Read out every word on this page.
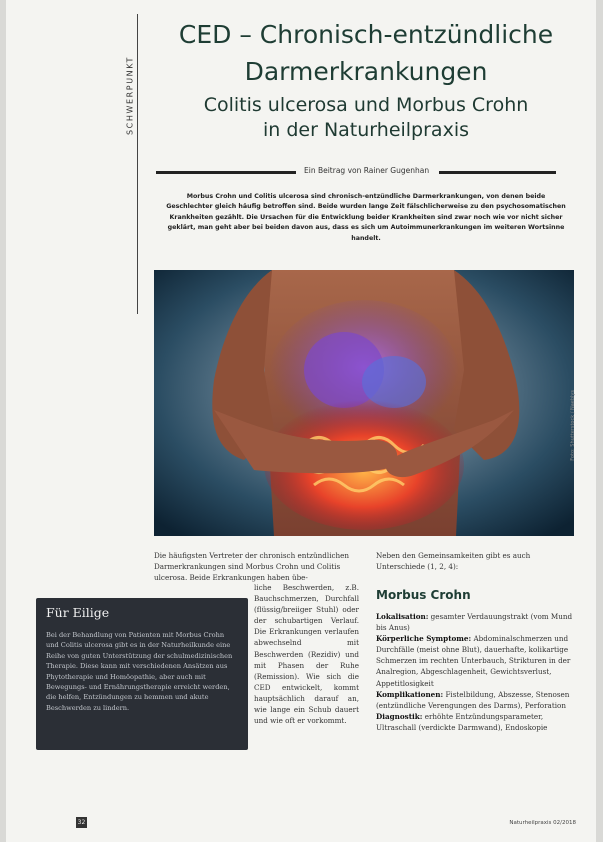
SCHWERPUNKT
CED – Chronisch-entzündliche
Darmerkrankungen
Colitis ulcerosa und Morbus Crohn
in der Naturheilpraxis
Ein Beitrag von Rainer Gugenhan
Morbus Crohn und Colitis ulcerosa sind chronisch-entzündliche Darmerkrankungen, von denen beide Geschlechter gleich häufig betroffen sind. Beide wurden lange Zeit fälschlicherweise zu den psychosomatischen Krankheiten gezählt. Die Ursachen für die Entwicklung beider Krankheiten sind zwar noch wie vor nicht sicher geklärt, man geht aber bei beiden davon aus, dass es sich um Autoimmunerkrankungen im weiteren Wortsinne handelt.
Foto: Shutterstock / Naeblys
Die häufigsten Vertreter der chronisch entzündlichen Darmerkrankungen sind Morbus Crohn und Colitis ulcerosa. Beide Erkrankungen haben übe-
liche Beschwerden, z.B. Bauchschmerzen, Durchfall (flüssig/breiiger Stuhl) oder der schubartigen Verlauf. Die Erkrankungen verlaufen abwechselnd mit Beschwerden (Rezidiv) und mit Phasen der Ruhe (Remission). Wie sich die CED entwickelt, kommt hauptsächlich darauf an, wie lange ein Schub dauert und wie oft er vorkommt.
Für Eilige
Bei der Behandlung von Patienten mit Morbus Crohn und Colitis ulcerosa gibt es in der Naturheilkunde eine Reihe von guten Unterstützung der schulmedizinischen Therapie. Diese kann mit verschiedenen Ansätzen aus Phytotherapie und Homöopathie, aber auch mit Bewegungs- und Ernährungstherapie erreicht werden, die helfen, Entzündungen zu hemmen und akute Beschwerden zu lindern.
Neben den Gemeinsamkeiten gibt es auch Unterschiede (1, 2, 4):
Morbus Crohn

Lokalisation: gesamter Verdauungstrakt (vom Mund bis Anus)

Körperliche Symptome: Abdominalschmerzen und Durchfälle (meist ohne Blut), dauerhafte, kolikartige Schmerzen im rechten Unterbauch, Strikturen in der Analregion, Abgeschlagenheit, Gewichtsverlust, Appetitlosigkeit

Komplikationen: Fistelbildung, Abszesse, Stenosen (entzündliche Verengungen des Darms), Perforation

Diagnostik: erhöhte Entzündungsparameter, Ultraschall (verdickte Darmwand), Endoskopie

32	Naturheilpraxis 02/2018
